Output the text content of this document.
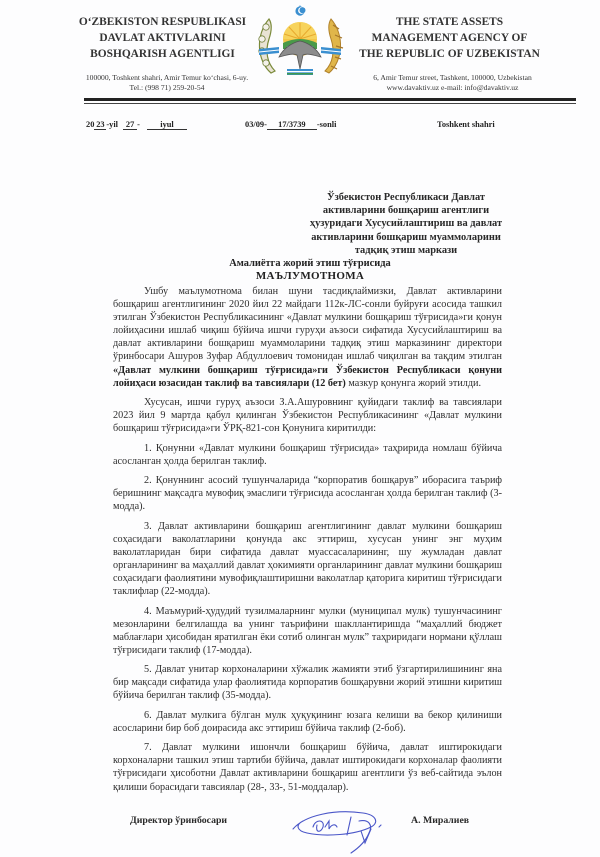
O‘ZBEKISTON RESPUBLIKASI
DAVLAT AKTIVLARINI
BOSHQARISH AGENTLIGI
100000, Toshkent shahri, Amir Temur ko‘chasi, 6-uy.
Tel.: (998 71) 259-20-54
THE STATE ASSETS
MANAGEMENT AGENCY OF
THE REPUBLIC OF UZBEKISTAN
6, Amir Temur street, Tashkent, 100000, Uzbekistan
www.davaktiv.uz e-mail: info@davaktiv.uz
20 23 -yil 27 - iyul	03/09- 17/3739 -sonli	Toshkent shahri
Ўзбекистон Республикаси Давлат
активларини бошқариш агентлиги
ҳузуридаги Хусусийлаштириш ва давлат
активларини бошқариш муаммоларини
тадқиқ этиш маркази
Амалиётга жорий этиш тўғрисида
МАЪЛУМОТНОМА

Ушбу маълумотнома билан шуни тасдиқлаймизки, Давлат активларини бошқариш агентлигининг 2020 йил 22 майдаги 112к-ЛС-сонли буйруғи асосида ташкил этилган Ўзбекистон Республикасининг «Давлат мулкини бошқариш тўғрисида»ги қонун лойиҳасини ишлаб чиқиш бўйича ишчи гуруҳи аъзоси сифатида Хусусийлаштириш ва давлат активларини бошқариш муаммоларини тадқиқ этиш марказининг директори ўринбосари Ашуров Зуфар Абдуллоевич томонидан ишлаб чиқилган ва тақдим этилган «Давлат мулкини бошқариш тўғрисида»ги Ўзбекистон Республикаси қонуни лойиҳаси юзасидан таклиф ва тавсиялари (12 бет) мазкур қонунга жорий этилди.

Хусусан, ишчи гуруҳ аъзоси З.А.Ашуровнинг қуйидаги таклиф ва тавсиялари 2023 йил 9 мартда қабул қилинган Ўзбекистон Республикасининг «Давлат мулкини бошқариш тўғрисида»ги ЎРҚ-821-сон Қонунига киритилди:

1. Қонунни «Давлат мулкини бошқариш тўғрисида» таҳририда номлаш бўйича асосланган ҳолда берилган таклиф.

2. Қонуннинг асосий тушунчаларида “корпоратив бошқарув” иборасига таъриф беришнинг мақсадга мувофиқ эмаслиги тўғрисида асосланган ҳолда берилган таклиф (3-модда).

3. Давлат активларини бошқариш агентлигининг давлат мулкини бошқариш соҳасидаги ваколатларини қонунда акс эттириш, хусусан унинг энг муҳим ваколатларидан бири сифатида давлат муассасаларининг, шу жумладан давлат органларининг ва маҳаллий давлат ҳокимияти органларининг давлат мулкини бошқариш соҳасидаги фаолиятини мувофиқлаштиришни ваколатлар қаторига киритиш тўғрисидаги таклифлар (22-модда).

4. Маъмурий-ҳудудий тузилмаларнинг мулки (муниципал мулк) тушунчасининг мезонларини белгилашда ва унинг таърифини шакллантиришда “маҳаллий бюджет маблағлари ҳисобидан яратилган ёки сотиб олинган мулк” таҳриридаги нормани қўллаш тўғрисидаги таклиф (17-модда).

5. Давлат унитар корхоналарини хўжалик жамияти этиб ўзгартирилишининг яна бир мақсади сифатида улар фаолиятида корпоратив бошқарувни жорий этишни киритиш бўйича берилган таклиф (35-модда).

6. Давлат мулкига бўлган мулк ҳуқуқининг юзага келиши ва бекор қилиниши асосларини бир боб доирасида акс эттириш бўйича таклиф (2-боб).

7. Давлат мулкини ишончли бошқариш бўйича, давлат иштирокидаги корхоналарни ташкил этиш тартиби бўйича, давлат иштирокидаги корхоналар фаолияти тўғрисидаги ҳисоботни Давлат активларини бошқариш агентлиги ўз веб-сайтида эълон қилиши борасидаги тавсиялар (28-, 33-, 51-моддалар).

Директор ўринбосари	А. Миралиев
